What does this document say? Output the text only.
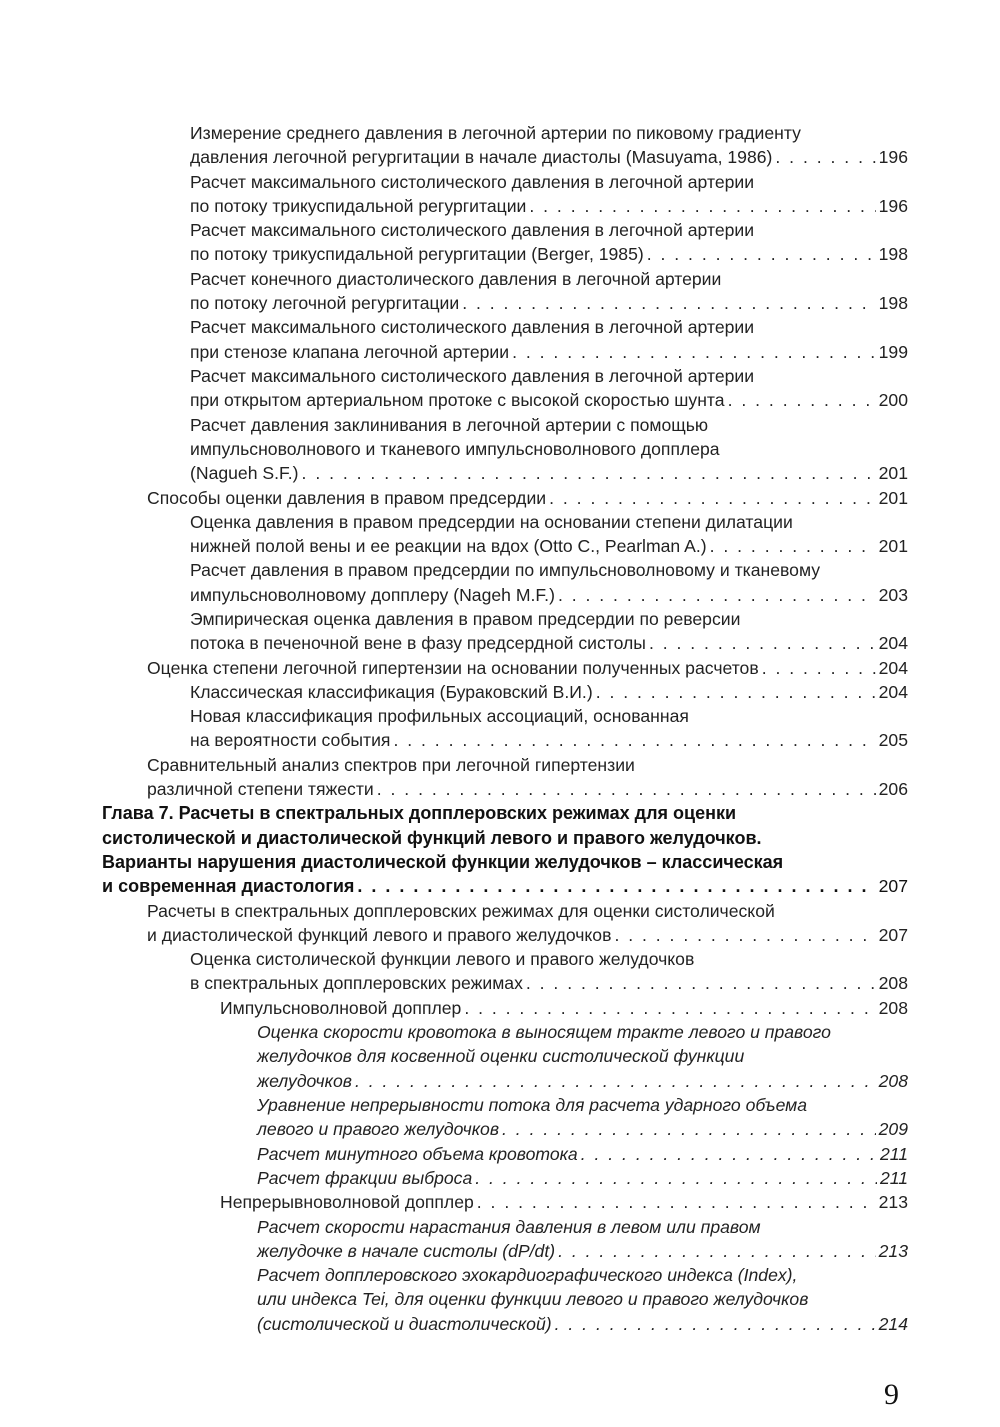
Измерение среднего давления в легочной артерии по пиковому градиенту
давления легочной регургитации в начале диастолы (Masuyama, 1986) . . .	196
Расчет максимального систолического давления в легочной артерии
по потоку трикуспидальной регургитации . . .	196
Расчет максимального систолического давления в легочной артерии
по потоку трикуспидальной регургитации (Berger, 1985) . . .	198
Расчет конечного диастолического давления в легочной артерии
по потоку легочной регургитации . . .	198
Расчет максимального систолического давления в легочной артерии
при стенозе клапана легочной артерии . . .	199
Расчет максимального систолического давления в легочной артерии
при открытом артериальном протоке с высокой скоростью шунта . . .	200
Расчет давления заклинивания в легочной артерии с помощью
импульсноволнового и тканевого импульсноволнового допплера
(Nagueh S.F.) . . .	201
Способы оценки давления в правом предсердии . . .	201
Оценка давления в правом предсердии на основании степени дилатации
нижней полой вены и ее реакции на вдох (Otto C., Pearlman A.) . . .	201
Расчет давления в правом предсердии по импульсноволновому и тканевому
импульсноволновому допплеру (Nageh M.F.) . . .	203
Эмпирическая оценка давления в правом предсердии по реверсии
потока в печеночной вене в фазу предсердной систолы . . .	204
Оценка степени легочной гипертензии на основании полученных расчетов . . .	204
Классическая классификация (Бураковский В.И.) . . .	204
Новая классификация профильных ассоциаций, основанная
на вероятности события . . .	205
Сравнительный анализ спектров при легочной гипертензии
различной степени тяжести . . .	206
Глава 7. Расчеты в спектральных допплеровских режимах для оценки
систолической и диастолической функций левого и правого желудочков.
Варианты нарушения диастолической функции желудочков – классическая
и современная диастология . . .	207
Расчеты в спектральных допплеровских режимах для оценки систолической
и диастолической функций левого и правого желудочков . . .	207
Оценка систолической функции левого и правого желудочков
в спектральных допплеровских режимах . . .	208
Импульсноволновой допплер . . .	208
Оценка скорости кровотока в выносящем тракте левого и правого
желудочков для косвенной оценки систолической функции
желудочков . . .	208
Уравнение непрерывности потока для расчета ударного объема
левого и правого желудочков . . .	209
Расчет минутного объема кровотока . . .	211
Расчет фракции выброса . . .	211
Непрерывноволновой допплер . . .	213
Расчет скорости нарастания давления в левом или правом
желудочке в начале систолы (dP/dt) . . .	213
Расчет допплеровского эхокардиографического индекса (Index),
или индекса Tei, для оценки функции левого и правого желудочков
(систолической и диастолической) . . .	214
9
